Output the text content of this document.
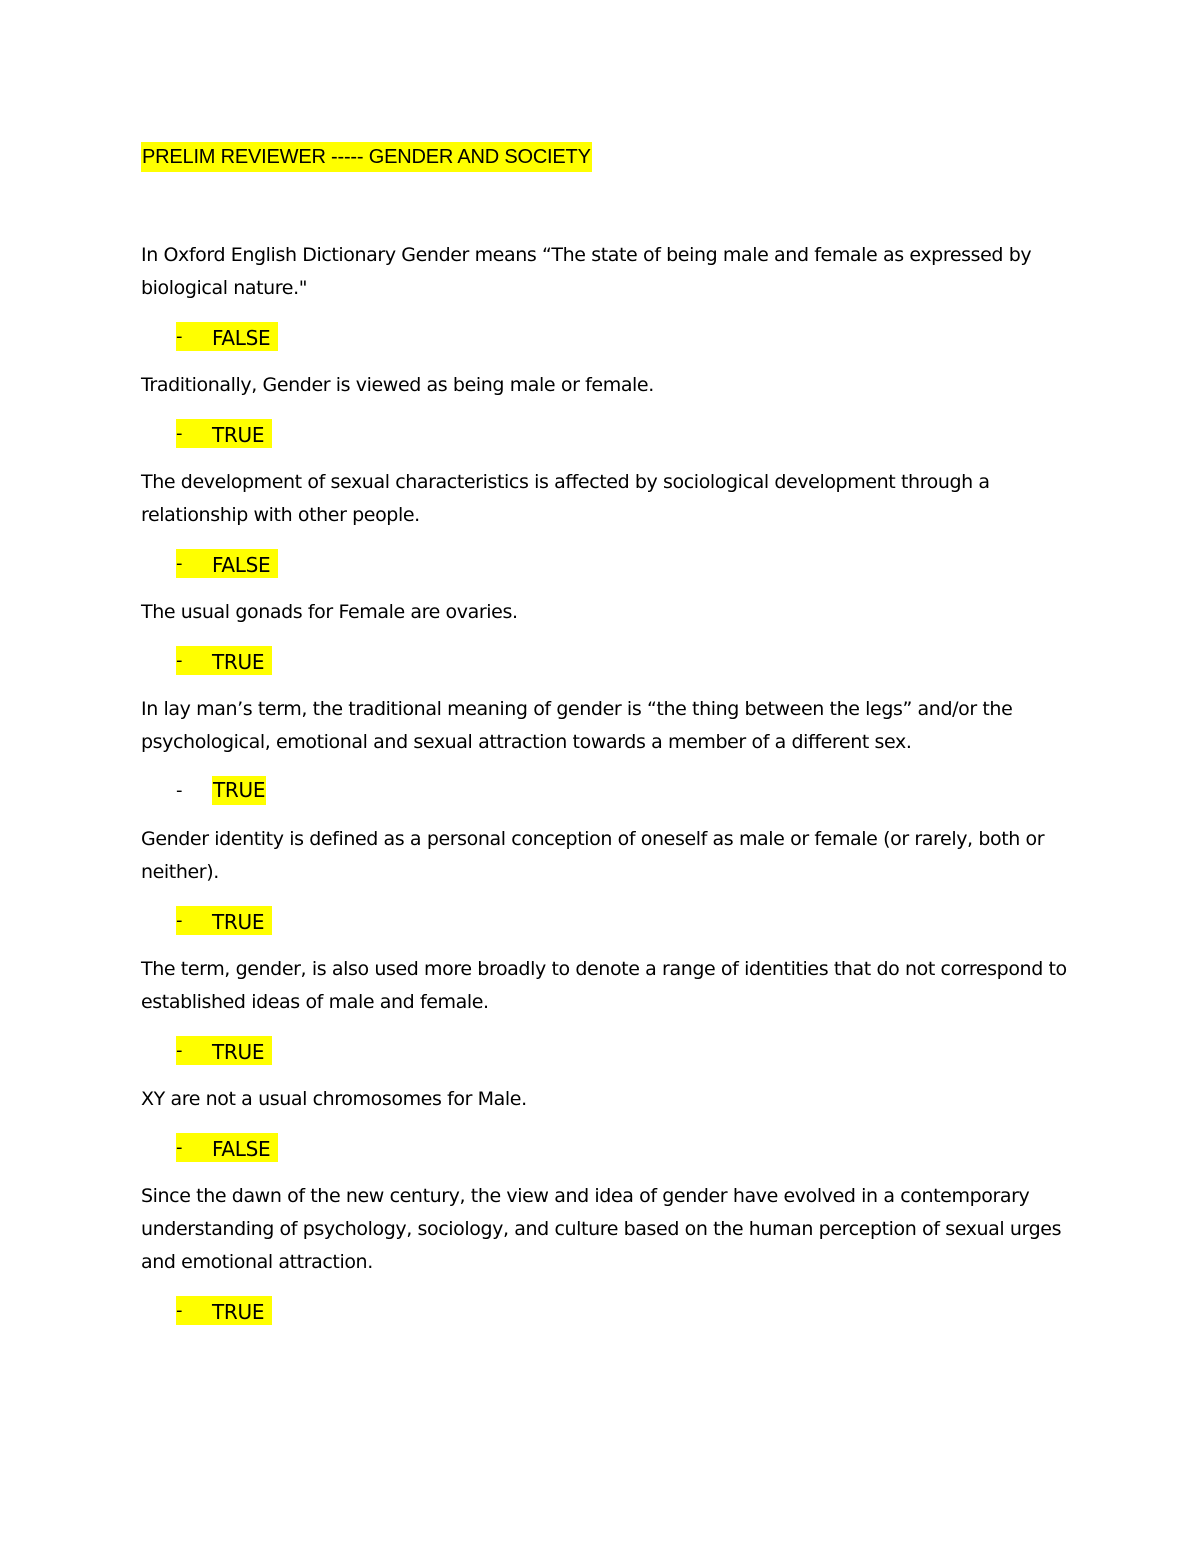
PRELIM REVIEWER ----- GENDER AND SOCIETY

In Oxford English Dictionary Gender means “The state of being male and female as expressed by biological nature."

- FALSE

Traditionally, Gender is viewed as being male or female.

- TRUE

The development of sexual characteristics is affected by sociological development through a relationship with other people.

- FALSE

The usual gonads for Female are ovaries.

- TRUE

In lay man’s term, the traditional meaning of gender is “the thing between the legs” and/or the psychological, emotional and sexual attraction towards a member of a different sex.

- TRUE

Gender identity is defined as a personal conception of oneself as male or female (or rarely, both or neither).

- TRUE

The term, gender, is also used more broadly to denote a range of identities that do not correspond to established ideas of male and female.

- TRUE

XY are not a usual chromosomes for Male.

- FALSE

Since the dawn of the new century, the view and idea of gender have evolved in a contemporary understanding of psychology, sociology, and culture based on the human perception of sexual urges and emotional attraction.

- TRUE
